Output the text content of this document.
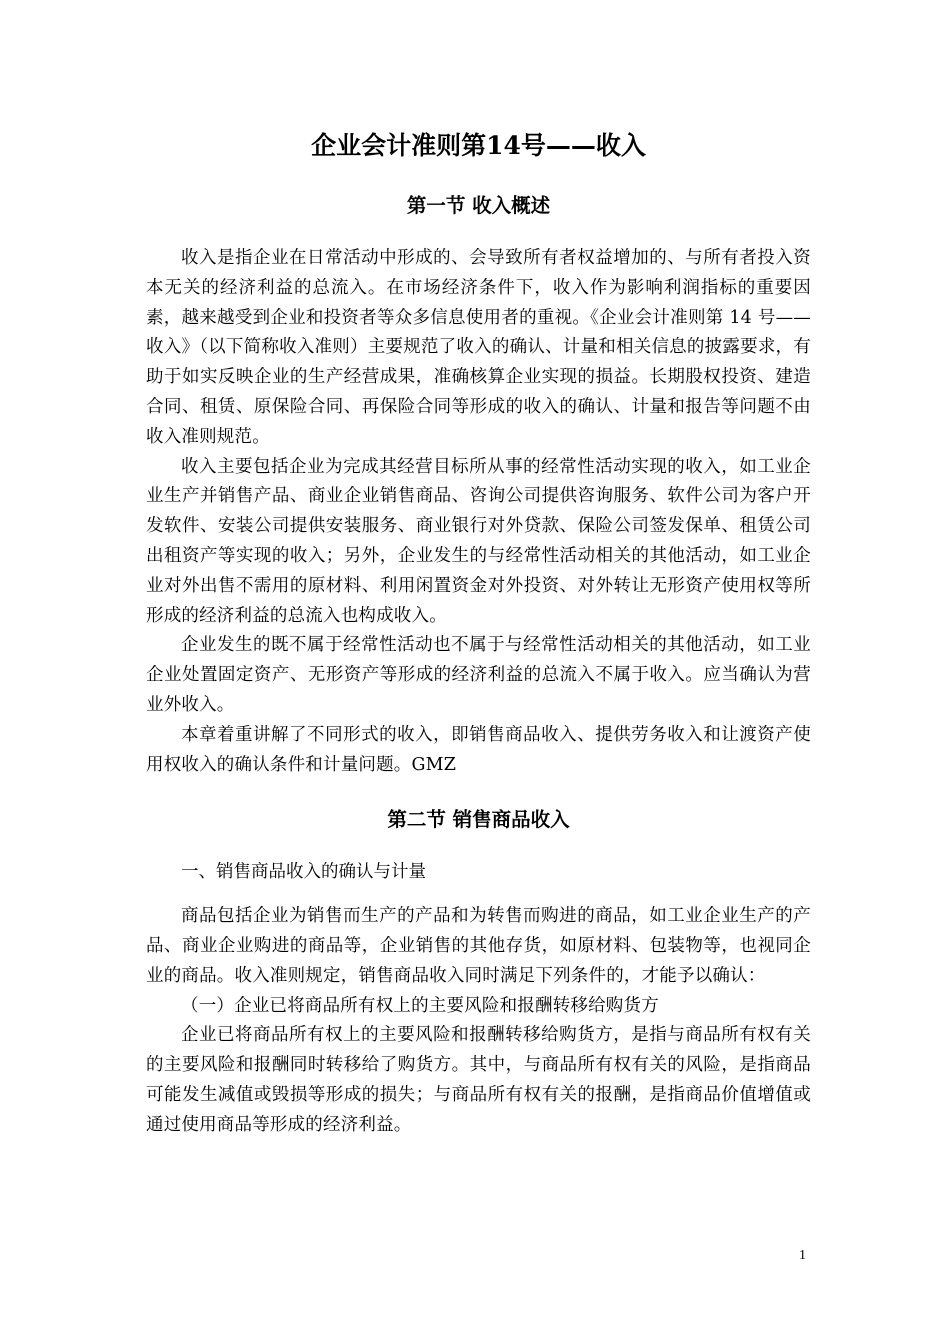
企业会计准则第14号——收入
第一节 收入概述

收入是指企业在日常活动中形成的、会导致所有者权益增加的、与所有者投入资本无关的经济利益的总流入。在市场经济条件下，收入作为影响利润指标的重要因素，越来越受到企业和投资者等众多信息使用者的重视。《企业会计准则第 14 号——收入》（以下简称收入准则）主要规范了收入的确认、计量和相关信息的披露要求，有助于如实反映企业的生产经营成果，准确核算企业实现的损益。长期股权投资、建造合同、租赁、原保险合同、再保险合同等形成的收入的确认、计量和报告等问题不由收入准则规范。

收入主要包括企业为完成其经营目标所从事的经常性活动实现的收入，如工业企业生产并销售产品、商业企业销售商品、咨询公司提供咨询服务、软件公司为客户开发软件、安装公司提供安装服务、商业银行对外贷款、保险公司签发保单、租赁公司出租资产等实现的收入；另外，企业发生的与经常性活动相关的其他活动，如工业企业对外出售不需用的原材料、利用闲置资金对外投资、对外转让无形资产使用权等所形成的经济利益的总流入也构成收入。

企业发生的既不属于经常性活动也不属于与经常性活动相关的其他活动，如工业企业处置固定资产、无形资产等形成的经济利益的总流入不属于收入。应当确认为营业外收入。

本章着重讲解了不同形式的收入，即销售商品收入、提供劳务收入和让渡资产使用权收入的确认条件和计量问题。GMZ

第二节 销售商品收入

一、销售商品收入的确认与计量

商品包括企业为销售而生产的产品和为转售而购进的商品，如工业企业生产的产品、商业企业购进的商品等，企业销售的其他存货，如原材料、包装物等，也视同企业的商品。收入准则规定，销售商品收入同时满足下列条件的，才能予以确认：

（一）企业已将商品所有权上的主要风险和报酬转移给购货方

企业已将商品所有权上的主要风险和报酬转移给购货方，是指与商品所有权有关的主要风险和报酬同时转移给了购货方。其中，与商品所有权有关的风险，是指商品可能发生减值或毁损等形成的损失；与商品所有权有关的报酬，是指商品价值增值或通过使用商品等形成的经济利益。

1
